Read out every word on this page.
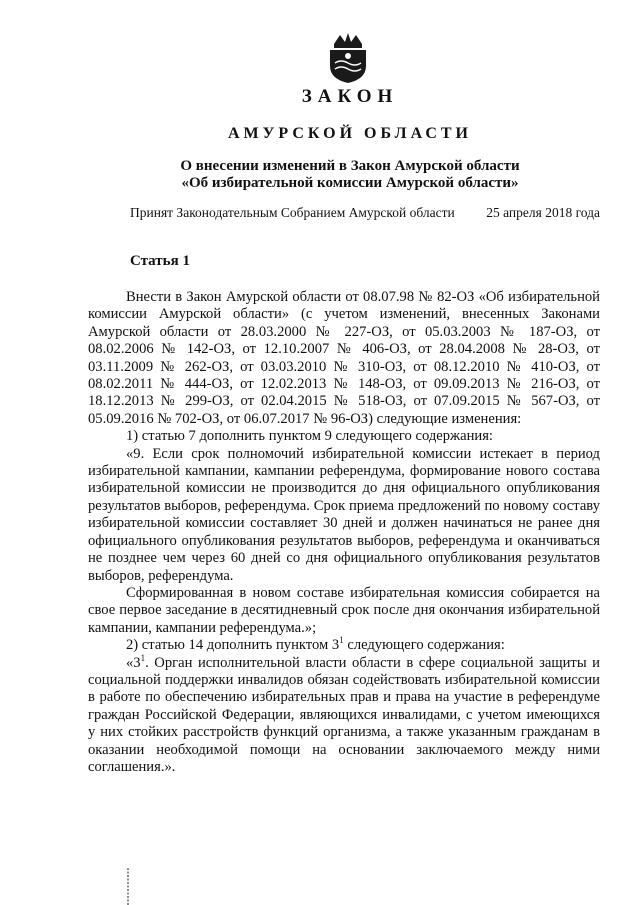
ЗАКОН
АМУРСКОЙ ОБЛАСТИ
О внесении изменений в Закон Амурской области
«Об избирательной комиссии Амурской области»
Принят Законодательным Собранием Амурской области 25 апреля 2018 года
Статья 1

Внести в Закон Амурской области от 08.07.98 № 82-ОЗ «Об избирательной комиссии Амурской области» (с учетом изменений, внесенных Законами Амурской области от 28.03.2000 № 227-ОЗ, от 05.03.2003 № 187-ОЗ, от 08.02.2006 № 142-ОЗ, от 12.10.2007 № 406-ОЗ, от 28.04.2008 № 28-ОЗ, от 03.11.2009 № 262-ОЗ, от 03.03.2010 № 310-ОЗ, от 08.12.2010 № 410-ОЗ, от 08.02.2011 № 444-ОЗ, от 12.02.2013 № 148-ОЗ, от 09.09.2013 № 216-ОЗ, от 18.12.2013 № 299-ОЗ, от 02.04.2015 № 518-ОЗ, от 07.09.2015 № 567-ОЗ, от 05.09.2016 № 702-ОЗ, от 06.07.2017 № 96-ОЗ) следующие изменения:

1) статью 7 дополнить пунктом 9 следующего содержания:

«9. Если срок полномочий избирательной комиссии истекает в период избирательной кампании, кампании референдума, формирование нового состава избирательной комиссии не производится до дня официального опубликования результатов выборов, референдума. Срок приема предложений по новому составу избирательной комиссии составляет 30 дней и должен начинаться не ранее дня официального опубликования результатов выборов, референдума и оканчиваться не позднее чем через 60 дней со дня официального опубликования результатов выборов, референдума.

Сформированная в новом составе избирательная комиссия собирается на свое первое заседание в десятидневный срок после дня окончания избирательной кампании, кампании референдума.»;

2) статью 14 дополнить пунктом $3^1$ следующего содержания:

«$3^1$. Орган исполнительной власти области в сфере социальной защиты и социальной поддержки инвалидов обязан содействовать избирательной комиссии в работе по обеспечению избирательных прав и права на участие в референдуме граждан Российской Федерации, являющихся инвалидами, с учетом имеющихся у них стойких расстройств функций организма, а также указанным гражданам в оказании необходимой помощи на основании заключаемого между ними соглашения.».
